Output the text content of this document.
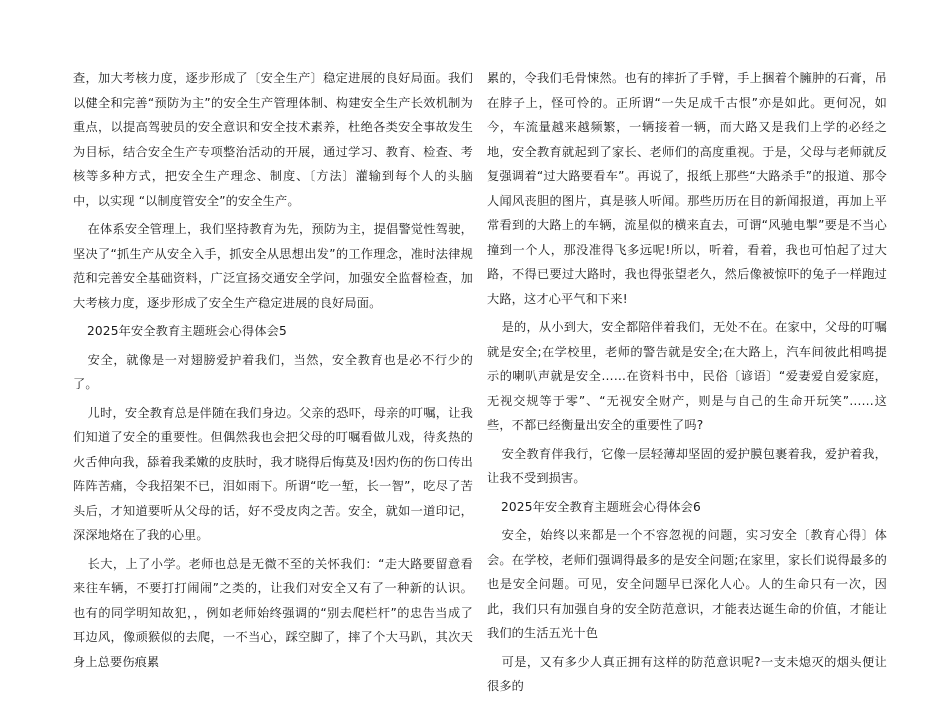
查，加大考核力度，逐步形成了〔安全生产〕稳定进展的良好局面。我们以健全和完善“预防为主”的安全生产管理体制、构建安全生产长效机制为重点，以提高驾驶员的安全意识和安全技术素养，杜绝各类安全事故发生为目标，结合安全生产专项整治活动的开展，通过学习、教育、检查、考核等多种方式，把安全生产理念、制度、〔方法〕灌输到每个人的头脑中，以实现 “以制度管安全”的安全生产。

在体系安全管理上，我们坚持教育为先，预防为主，提倡警觉性驾驶，坚决了“抓生产从安全入手，抓安全从思想出发”的工作理念，准时法律规范和完善安全基础资料，广泛宣扬交通安全学问，加强安全监督检查，加大考核力度，逐步形成了安全生产稳定进展的良好局面。

2025年安全教育主题班会心得体会5

安全，就像是一对翅膀爱护着我们，当然，安全教育也是必不行少的了。

儿时，安全教育总是伴随在我们身边。父亲的恐吓，母亲的叮嘱，让我们知道了安全的重要性。但偶然我也会把父母的叮嘱看做儿戏，待炙热的火舌伸向我，舔着我柔嫩的皮肤时，我才晓得后悔莫及!因灼伤的伤口传出阵阵苦痛，令我招架不已，泪如雨下。所谓“吃一堑，长一智”，吃尽了苦头后，才知道要听从父母的话，好不受皮肉之苦。安全，就如一道印记，深深地烙在了我的心里。

长大，上了小学。老师也总是无微不至的关怀我们：“走大路要留意看来往车辆，不要打打闹闹”之类的，让我们对安全又有了一种新的认识。也有的同学明知故犯，，例如老师始终强调的“别去爬栏杆”的忠告当成了耳边风，像顽猴似的去爬，一不当心，踩空脚了，摔了个大马趴，其次天身上总要伤痕累

累的，令我们毛骨悚然。也有的摔折了手臂，手上捆着个臃肿的石膏，吊在脖子上，怪可怜的。正所谓“一失足成千古恨”亦是如此。更何况，如今，车流量越来越频繁，一辆接着一辆，而大路又是我们上学的必经之地，安全教育就起到了家长、老师们的高度重视。于是，父母与老师就反复强调着“过大路要看车”。再说了，报纸上那些“大路杀手”的报道、那令人闻风丧胆的图片，真是骇人听闻。那些历历在目的新闻报道，再加上平常看到的大路上的车辆，流星似的横来直去，可谓“风驰电掣”要是不当心撞到一个人，那没准得飞多远呢!所以，听着，看着，我也可怕起了过大路，不得已要过大路时，我也得张望老久，然后像被惊吓的兔子一样跑过大路，这才心平气和下来!

是的，从小到大，安全都陪伴着我们，无处不在。在家中，父母的叮嘱就是安全;在学校里，老师的警告就是安全;在大路上，汽车间彼此相鸣提示的喇叭声就是安全……在资料书中，民俗〔谚语〕“爱妻爱自爱家庭，无视交规等于零”、“无视安全财产，则是与自己的生命开玩笑”……这些，不都已经衡量出安全的重要性了吗?

安全教育伴我行，它像一层轻薄却坚固的爱护膜包裹着我，爱护着我，让我不受到损害。

2025年安全教育主题班会心得体会6

安全，始终以来都是一个不容忽视的问题，实习安全〔教育心得〕体会。在学校，老师们强调得最多的是安全问题;在家里，家长们说得最多的也是安全问题。可见，安全问题早已深化人心。人的生命只有一次，因此，我们只有加强自身的安全防范意识，才能表达诞生命的价值，才能让我们的生活五光十色

可是，又有多少人真正拥有这样的防范意识呢?一支未熄灭的烟头便让很多的
